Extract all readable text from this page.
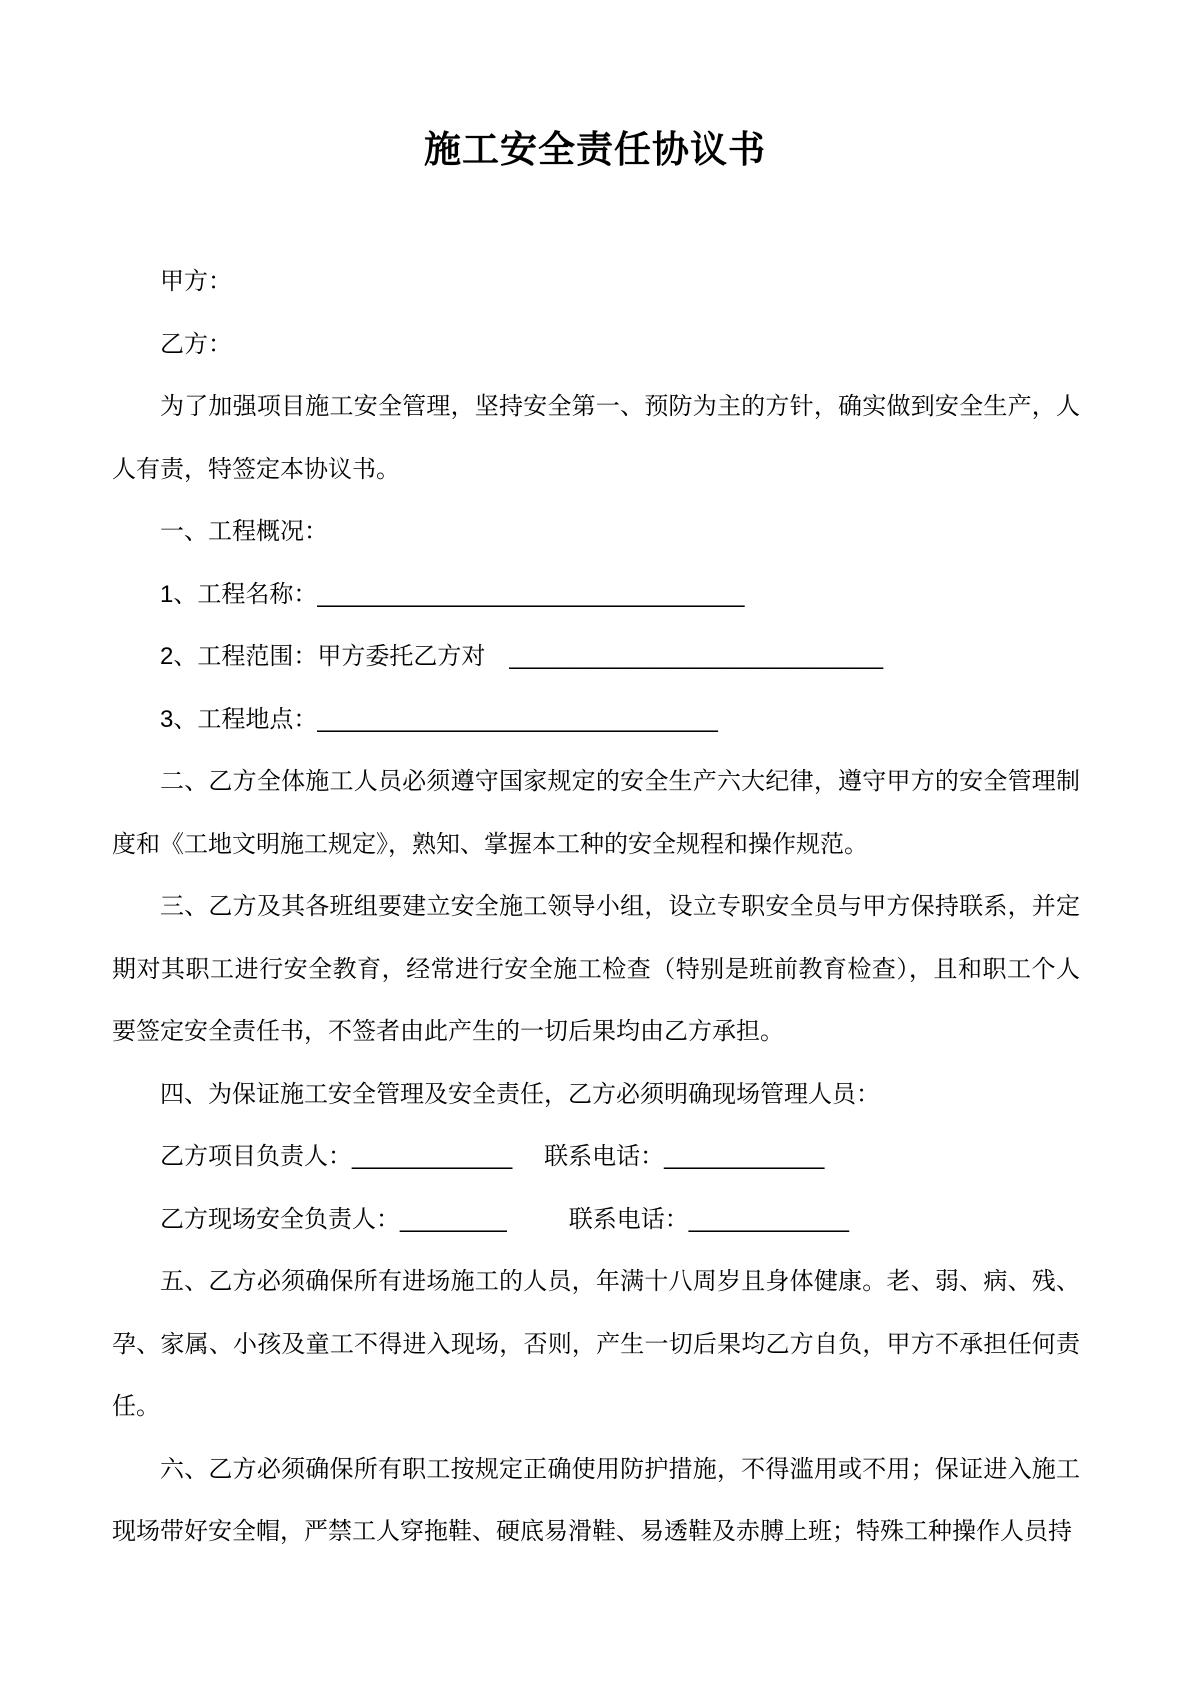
施工安全责任协议书

甲方：

乙方：

为了加强项目施工安全管理，坚持安全第一、预防为主的方针，确实做到安全生产，人人有责，特签定本协议书。

一、工程概况：

1、工程名称：________________________________

2、工程范围：甲方委托乙方对　____________________________

3、工程地点：______________________________

二、乙方全体施工人员必须遵守国家规定的安全生产六大纪律，遵守甲方的安全管理制度和《工地文明施工规定》，熟知、掌握本工种的安全规程和操作规范。

三、乙方及其各班组要建立安全施工领导小组，设立专职安全员与甲方保持联系，并定期对其职工进行安全教育，经常进行安全施工检查（特别是班前教育检查），且和职工个人要签定安全责任书，不签者由此产生的一切后果均由乙方承担。

四、为保证施工安全管理及安全责任，乙方必须明确现场管理人员：

乙方项目负责人：____________ 联系电话：____________

乙方现场安全负责人：________	联系电话：____________

五、乙方必须确保所有进场施工的人员，年满十八周岁且身体健康。老、弱、病、残、孕、家属、小孩及童工不得进入现场，否则，产生一切后果均乙方自负，甲方不承担任何责任。

六、乙方必须确保所有职工按规定正确使用防护措施，不得滥用或不用；保证进入施工现场带好安全帽，严禁工人穿拖鞋、硬底易滑鞋、易透鞋及赤膊上班；特殊工种操作人员持
